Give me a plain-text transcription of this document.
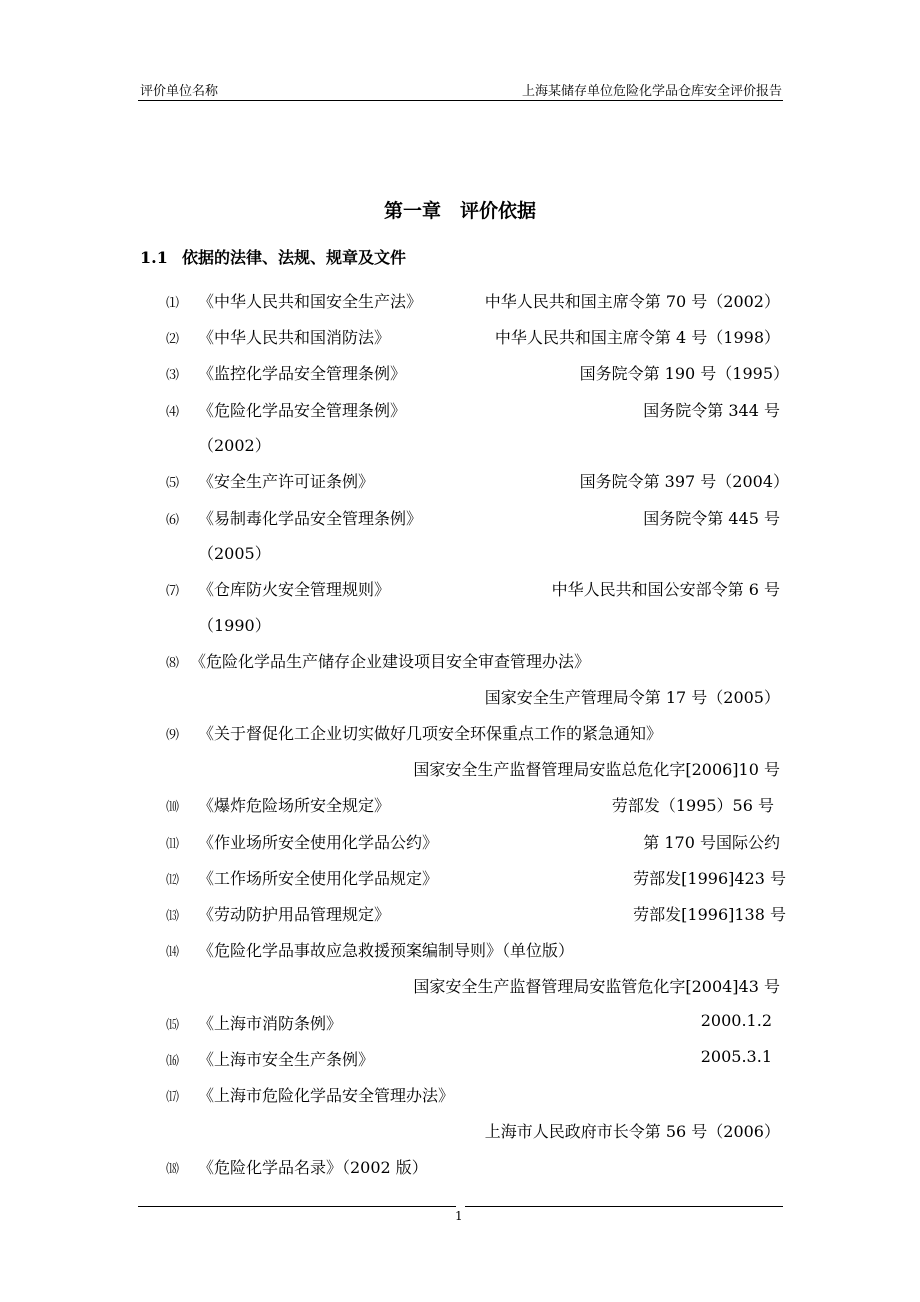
评价单位名称	上海某储存单位危险化学品仓库安全评价报告
第一章　评价依据
1.1 依据的法律、法规、规章及文件
⑴ 《中华人民共和国安全生产法》	中华人民共和国主席令第 70 号（2002）
⑵ 《中华人民共和国消防法》	中华人民共和国主席令第 4 号（1998）
⑶ 《监控化学品安全管理条例》	国务院令第 190 号（1995）
⑷ 《危险化学品安全管理条例》	国务院令第 344 号
（2002）
⑸ 《安全生产许可证条例》	国务院令第 397 号（2004）
⑹ 《易制毒化学品安全管理条例》	国务院令第 445 号
（2005）
⑺ 《仓库防火安全管理规则》	中华人民共和国公安部令第 6 号
（1990）
⑻ 《危险化学品生产储存企业建设项目安全审查管理办法》
国家安全生产管理局令第 17 号（2005）
⑼ 《关于督促化工企业切实做好几项安全环保重点工作的紧急通知》
国家安全生产监督管理局安监总危化字[2006]10 号
⑽ 《爆炸危险场所安全规定》	劳部发（1995）56 号
⑾ 《作业场所安全使用化学品公约》	第 170 号国际公约
⑿ 《工作场所安全使用化学品规定》	劳部发[1996]423 号
⒀ 《劳动防护用品管理规定》	劳部发[1996]138 号
⒁ 《危险化学品事故应急救援预案编制导则》（单位版）
国家安全生产监督管理局安监管危化字[2004]43 号
⒂ 《上海市消防条例》	2000.1.2
⒃ 《上海市安全生产条例》	2005.3.1
⒄ 《上海市危险化学品安全管理办法》
上海市人民政府市长令第 56 号（2006）
⒅ 《危险化学品名录》（2002 版）
1
